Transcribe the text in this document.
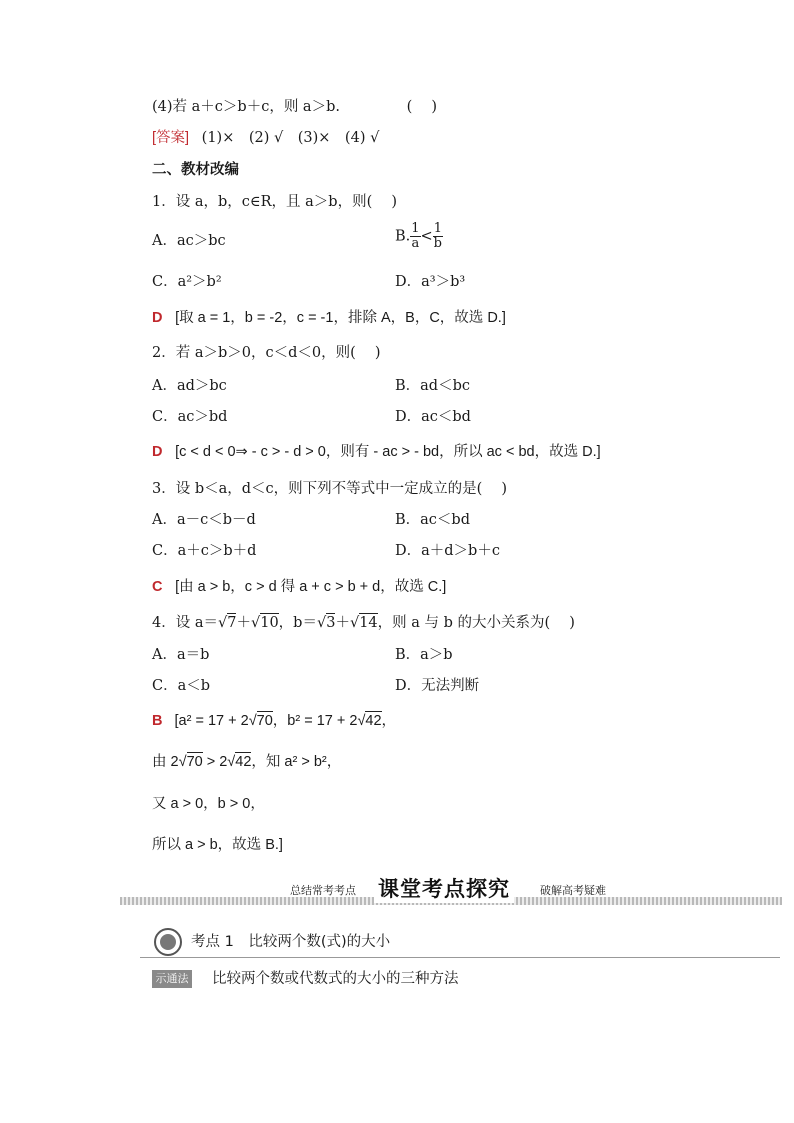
(4)若 a＋c＞b＋c，则 a＞b.	(　 )
[答案] (1)×　(2) √　(3)×　(4) √
二、教材改编
1．设 a，b，c∈R，且 a＞b，则(　 )
A．ac＞bc	B. $\frac{1}{a} < \frac{1}{b}$
C．a²＞b²	D．a³＞b³
D [取 a = 1，b = -2，c = -1，排除 A，B，C，故选 D.]
2．若 a＞b＞0，c＜d＜0，则(　 )
A．ad＞bc	B．ad＜bc
C．ac＞bd	D．ac＜bd
D [c < d < 0⇒ - c > - d > 0，则有 - ac > - bd，所以 ac < bd，故选 D.]
3．设 b＜a，d＜c，则下列不等式中一定成立的是(　 )
A．a－c＜b－d	B．ac＜bd
C．a＋c＞b＋d	D．a＋d＞b＋c
C [由 a > b，c > d 得 a + c > b + d，故选 C.]
4．设 a＝√7＋√10，b＝√3＋√14，则 a 与 b 的大小关系为(　 )
A．a＝b	B．a＞b
C．a＜b	D．无法判断
B [a² = 17 + 2√70，b² = 17 + 2√42，
由 2√70 > 2√42，知 a² > b²，
又 a > 0，b > 0，
所以 a > b，故选 B.]
总结常考考点 课堂考点探究	破解高考疑难
考点 1　比较两个数(式)的大小
示通法 比较两个数或代数式的大小的三种方法
